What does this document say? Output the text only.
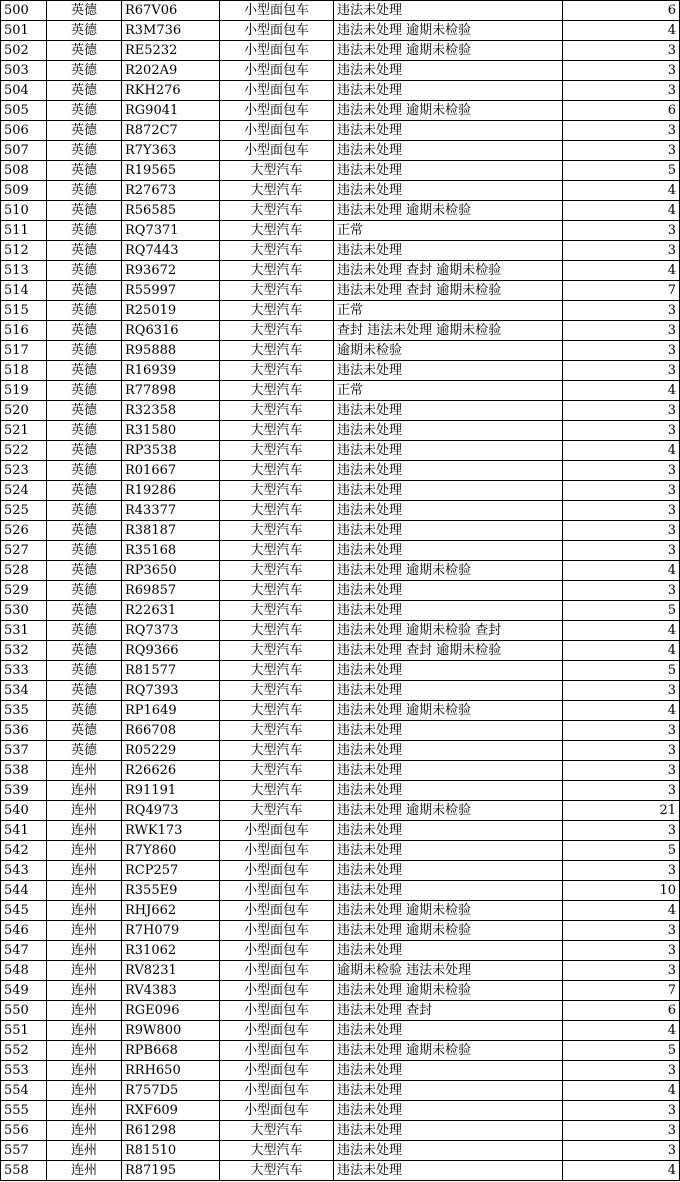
500	英德	R67V06	小型面包车	违法未处理	6
501	英德	R3M736	小型面包车	违法未处理 逾期未检验	4
502	英德	RE5232	小型面包车	违法未处理 逾期未检验	3
503	英德	R202A9	小型面包车	违法未处理	3
504	英德	RKH276	小型面包车	违法未处理	3
505	英德	RG9041	小型面包车	违法未处理 逾期未检验	6
506	英德	R872C7	小型面包车	违法未处理	3
507	英德	R7Y363	小型面包车	违法未处理	3
508	英德	R19565	大型汽车	违法未处理	5
509	英德	R27673	大型汽车	违法未处理	4
510	英德	R56585	大型汽车	违法未处理 逾期未检验	4
511	英德	RQ7371	大型汽车	正常	3
512	英德	RQ7443	大型汽车	违法未处理	3
513	英德	R93672	大型汽车	违法未处理 查封 逾期未检验	4
514	英德	R55997	大型汽车	违法未处理 查封 逾期未检验	7
515	英德	R25019	大型汽车	正常	3
516	英德	RQ6316	大型汽车	查封 违法未处理 逾期未检验	3
517	英德	R95888	大型汽车	逾期未检验	3
518	英德	R16939	大型汽车	违法未处理	3
519	英德	R77898	大型汽车	正常	4
520	英德	R32358	大型汽车	违法未处理	3
521	英德	R31580	大型汽车	违法未处理	3
522	英德	RP3538	大型汽车	违法未处理	4
523	英德	R01667	大型汽车	违法未处理	3
524	英德	R19286	大型汽车	违法未处理	3
525	英德	R43377	大型汽车	违法未处理	3
526	英德	R38187	大型汽车	违法未处理	3
527	英德	R35168	大型汽车	违法未处理	3
528	英德	RP3650	大型汽车	违法未处理 逾期未检验	4
529	英德	R69857	大型汽车	违法未处理	3
530	英德	R22631	大型汽车	违法未处理	5
531	英德	RQ7373	大型汽车	违法未处理 逾期未检验 查封	4
532	英德	RQ9366	大型汽车	违法未处理 查封 逾期未检验	4
533	英德	R81577	大型汽车	违法未处理	5
534	英德	RQ7393	大型汽车	违法未处理	3
535	英德	RP1649	大型汽车	违法未处理 逾期未检验	4
536	英德	R66708	大型汽车	违法未处理	3
537	英德	R05229	大型汽车	违法未处理	3
538	连州	R26626	大型汽车	违法未处理	3
539	连州	R91191	大型汽车	违法未处理	3
540	连州	RQ4973	大型汽车	违法未处理 逾期未检验	21
541	连州	RWK173	小型面包车	违法未处理	3
542	连州	R7Y860	小型面包车	违法未处理	5
543	连州	RCP257	小型面包车	违法未处理	3
544	连州	R355E9	小型面包车	违法未处理	10
545	连州	RHJ662	小型面包车	违法未处理 逾期未检验	4
546	连州	R7H079	小型面包车	违法未处理 逾期未检验	3
547	连州	R31062	小型面包车	违法未处理	3
548	连州	RV8231	小型面包车	逾期未检验 违法未处理	3
549	连州	RV4383	小型面包车	违法未处理 逾期未检验	7
550	连州	RGE096	小型面包车	违法未处理 查封	6
551	连州	R9W800	小型面包车	违法未处理	4
552	连州	RPB668	小型面包车	违法未处理 逾期未检验	5
553	连州	RRH650	小型面包车	违法未处理	3
554	连州	R757D5	小型面包车	违法未处理	4
555	连州	RXF609	小型面包车	违法未处理	3
556	连州	R61298	大型汽车	违法未处理	3
557	连州	R81510	大型汽车	违法未处理	3
558	连州	R87195	大型汽车	违法未处理	4
